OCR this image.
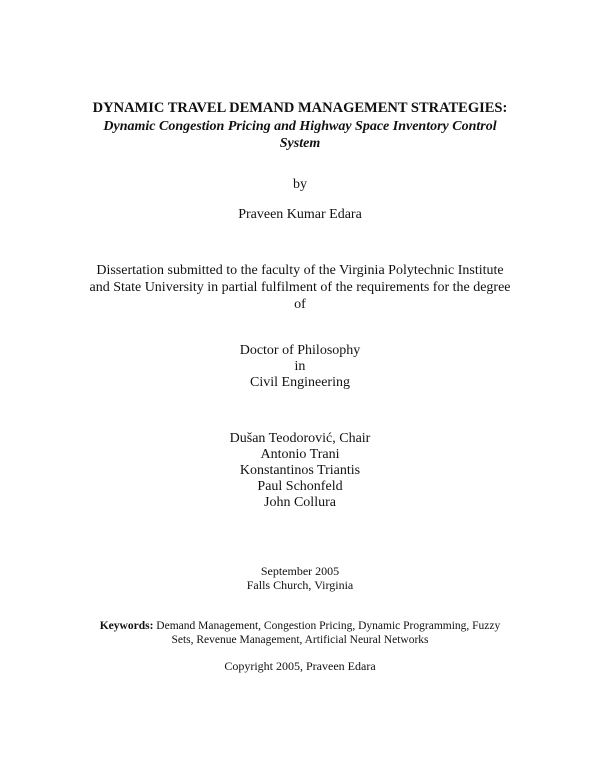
DYNAMIC TRAVEL DEMAND MANAGEMENT STRATEGIES:
Dynamic Congestion Pricing and Highway Space Inventory Control
System
by
Praveen Kumar Edara
Dissertation submitted to the faculty of the Virginia Polytechnic Institute
and State University in partial fulfilment of the requirements for the degree
of
Doctor of Philosophy
in
Civil Engineering
Dušan Teodorović, Chair
Antonio Trani
Konstantinos Triantis
Paul Schonfeld
John Collura
September 2005
Falls Church, Virginia
Keywords: Demand Management, Congestion Pricing, Dynamic Programming, Fuzzy
Sets, Revenue Management, Artificial Neural Networks
Copyright 2005, Praveen Edara
